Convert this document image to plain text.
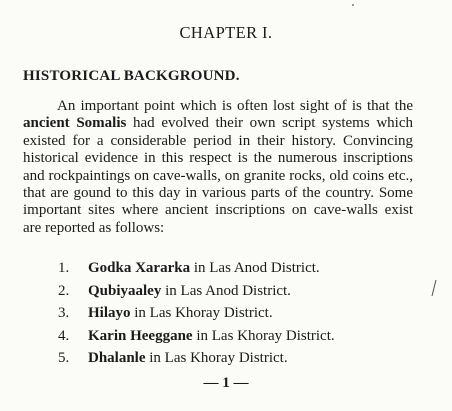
CHAPTER I.
HISTORICAL BACKGROUND.

An important point which is often lost sight of is that the ancient Somalis had evolved their own script systems which existed for a considerable period in their history. Convincing historical evidence in this respect is the numerous inscriptions and rockpaintings on cave-walls, on granite rocks, old coins etc., that are gound to this day in various parts of the country. Some important sites where ancient inscriptions on cave-walls exist are reported as follows:

1. Godka Xararka in Las Anod District.
2. Qubiyaaley in Las Anod District.
3. Hilayo in Las Khoray District.
4. Karin Heeggane in Las Khoray District.
5. Dhalanle in Las Khoray District.
— 1 —
